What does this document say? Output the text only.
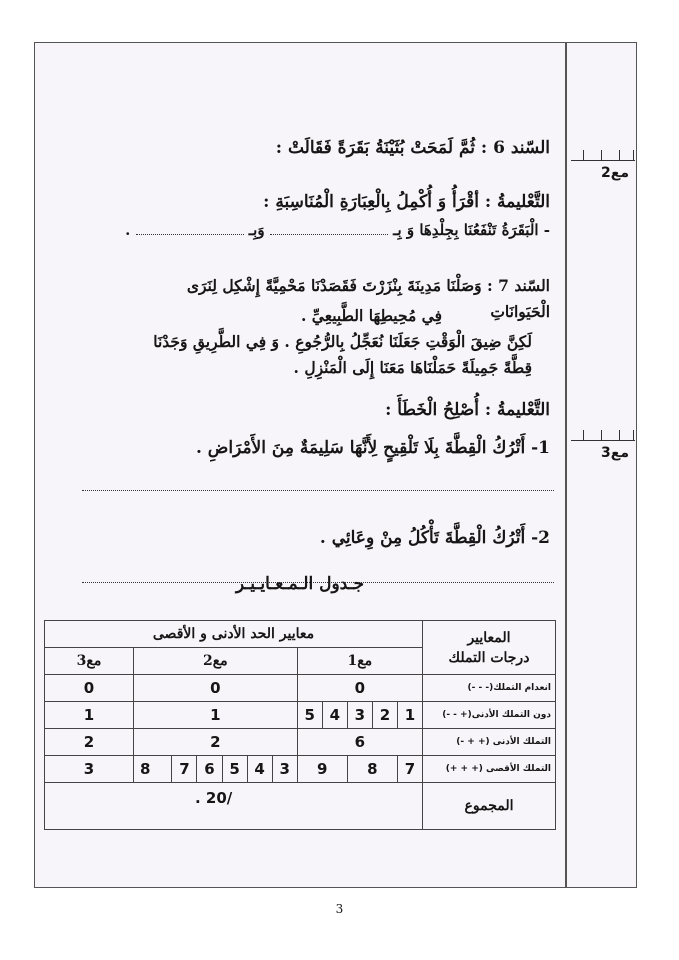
السّند 6 : ثُمَّ لَمَحَتْ بُثَيْنَةُ بَقَرَةً فَقَالَتْ :
التَّعْليمةُ : أقْرَأُ وَ أُكْمِلُ بِالْعِبَارَةِ الْمُنَاسِبَةِ :
- الْبَقَرَةُ تَنْفَعُنَا بِجِلْدِهَا وَ بِـ  وَبِـ  .
السّند 7 : وَصَلْنَا مَدِينَةَ بِنْزَرْتَ فَقَصَدْنَا مَحْمِيَّةً إِشْكِل لِنَرَى
الْحَيَوانَاتِ
فِي مُحِيطِهَا الطَّبِيعِيِّ .
لَكِنَّ ضِيقَ الْوَقْتِ جَعَلَنَا نُعَجِّلُ بِالرُّجُوعِ . وَ فِي الطَّرِيقِ وَجَدْنَا
قِطَّةً جَمِيلَةً حَمَلْنَاهَا مَعَنَا إِلَى الْمَنْزِلِ .
التَّعْليمةُ : أُصْلِحُ الْخَطَأَ :
1- أَتْرُكُ الْقِطَّةَ بِلَا تَلْقِيحٍ لِأَنَّهَا سَلِيمَةٌ مِنَ الأَمْرَاضِ .
2- أَتْرُكُ الْقِطَّةَ تَأْكُلُ مِنْ وِعَائِي .
جـدول الـمـعـايـيـر
المعايير
درجات التملك	معايير الحد الأدنى و الأقصى											
	مع1					مع2						مع3
انعدام التملك(- - -)	0					0						0
دون التملك الأدنى(+ - -)	1	2	3	4	5	1						1
التملك الأدنى (+ + -)	6					2						2
التملك الأقصى (+ + +)	7	8		9		3	4	5	6	7	8	3
المجموع	/20 .											
مع2
مع3
3
